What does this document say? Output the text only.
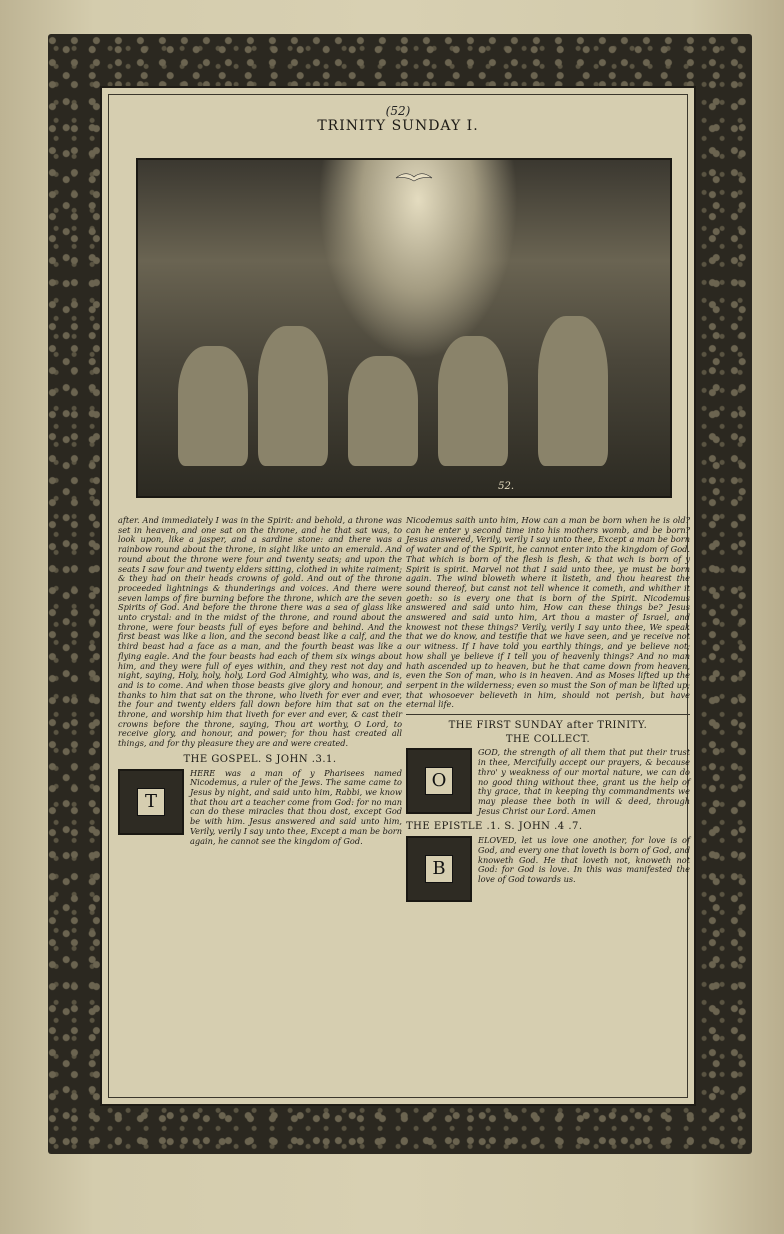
(52)
TRINITY SUNDAY I.
52.

after. And immediately I was in the Spirit: and behold, a throne was set in heaven, and one sat on the throne, and he that sat was, to look upon, like a jasper, and a sardine stone: and there was a rainbow round about the throne, in sight like unto an emerald. And round about the throne were four and twenty seats; and upon the seats I saw four and twenty elders sitting, clothed in white raiment; & they had on their heads crowns of gold. And out of the throne proceeded lightnings & thunderings and voices. And there were seven lamps of fire burning before the throne, which are the seven Spirits of God. And before the throne there was a sea of glass like unto crystal: and in the midst of the throne, and round about the throne, were four beasts full of eyes before and behind. And the first beast was like a lion, and the second beast like a calf, and the third beast had a face as a man, and the fourth beast was like a flying eagle. And the four beasts had each of them six wings about him, and they were full of eyes within, and they rest not day and night, saying, Holy, holy, holy, Lord God Almighty, who was, and is, and is to come. And when those beasts give glory and honour, and thanks to him that sat on the throne, who liveth for ever and ever, the four and twenty elders fall down before him that sat on the throne, and worship him that liveth for ever and ever, & cast their crowns before the throne, saying, Thou art worthy, O Lord, to receive glory, and honour, and power; for thou hast created all things, and for thy pleasure they are and were created.

THE GOSPEL. S JOHN .3.1.
T

HERE was a man of y Pharisees named Nicodemus, a ruler of the Jews. The same came to Jesus by night, and said unto him, Rabbi, we know that thou art a teacher come from God: for no man can do these miracles that thou dost, except God be with him. Jesus answered and said unto him, Verily, verily I say unto thee, Except a man be born again, he cannot see the kingdom of God.

Nicodemus saith unto him, How can a man be born when he is old? can he enter y second time into his mothers womb, and be born? Jesus answered, Verily, verily I say unto thee, Except a man be born of water and of the Spirit, he cannot enter into the kingdom of God. That which is born of the flesh is flesh, & that wch is born of y Spirit is spirit. Marvel not that I said unto thee, ye must be born again. The wind bloweth where it listeth, and thou hearest the sound thereof, but canst not tell whence it cometh, and whither it goeth: so is every one that is born of the Spirit. Nicodemus answered and said unto him, How can these things be? Jesus answered and said unto him, Art thou a master of Israel, and knowest not these things? Verily, verily I say unto thee, We speak that we do know, and testifie that we have seen, and ye receive not our witness. If I have told you earthly things, and ye believe not; how shall ye believe if I tell you of heavenly things? And no man hath ascended up to heaven, but he that came down from heaven, even the Son of man, who is in heaven. And as Moses lifted up the serpent in the wilderness; even so must the Son of man be lifted up; that whosoever believeth in him, should not perish, but have eternal life.

THE FIRST SUNDAY after TRINITY.
THE COLLECT.
O

GOD, the strength of all them that put their trust in thee, Mercifully accept our prayers, & because thro' y weakness of our mortal nature, we can do no good thing without thee, grant us the help of thy grace, that in keeping thy commandments we may please thee both in will & deed, through Jesus Christ our Lord. Amen

THE EPISTLE .1. S. JOHN .4 .7.
B

ELOVED, let us love one another, for love is of God, and every one that loveth is born of God, and knoweth God. He that loveth not, knoweth not God: for God is love. In this was manifested the love of God towards us.
